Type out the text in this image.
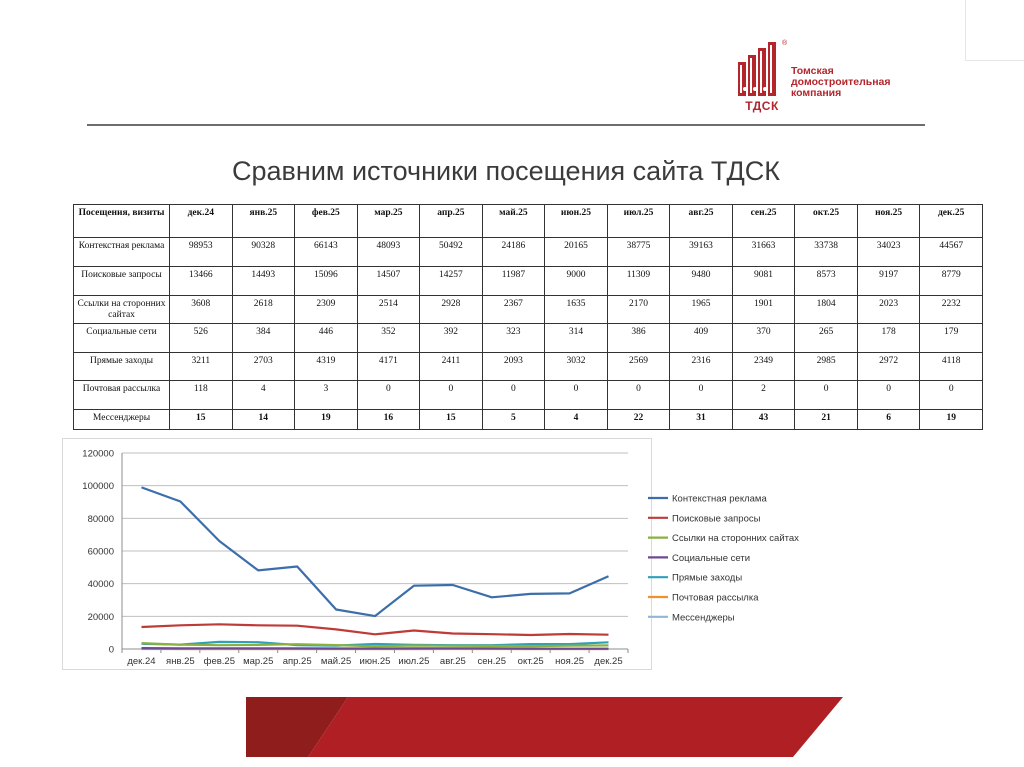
®
ТДСК
Томская
домостроительная
компания
Сравним источники посещения сайта ТДСК
Посещения, визиты	дек.24	янв.25	фев.25	мар.25	апр.25	май.25	июн.25	июл.25	авг.25	сен.25	окт.25	ноя.25	дек.25
Контекстная реклама	98953	90328	66143	48093	50492	24186	20165	38775	39163	31663	33738	34023	44567
Поисковые запросы	13466	14493	15096	14507	14257	11987	9000	11309	9480	9081	8573	9197	8779
Ссылки на сторонних сайтах	3608	2618	2309	2514	2928	2367	1635	2170	1965	1901	1804	2023	2232
Социальные сети	526	384	446	352	392	323	314	386	409	370	265	178	179
Прямые заходы	3211	2703	4319	4171	2411	2093	3032	2569	2316	2349	2985	2972	4118
Почтовая рассылка	118	4	3	0	0	0	0	0	0	2	0	0	0
Мессенджеры	15	14	19	16	15	5	4	22	31	43	21	6	19
0
20000
40000
60000
80000
100000
120000
дек.24 янв.25 фев.25 мар.25 апр.25 май.25 июн.25 июл.25 авг.25 сен.25 окт.25 ноя.25 дек.25
Контекстная реклама
Поисковые запросы
Ссылки на сторонних сайтах
Социальные сети
Прямые заходы
Почтовая рассылка
Мессенджеры
